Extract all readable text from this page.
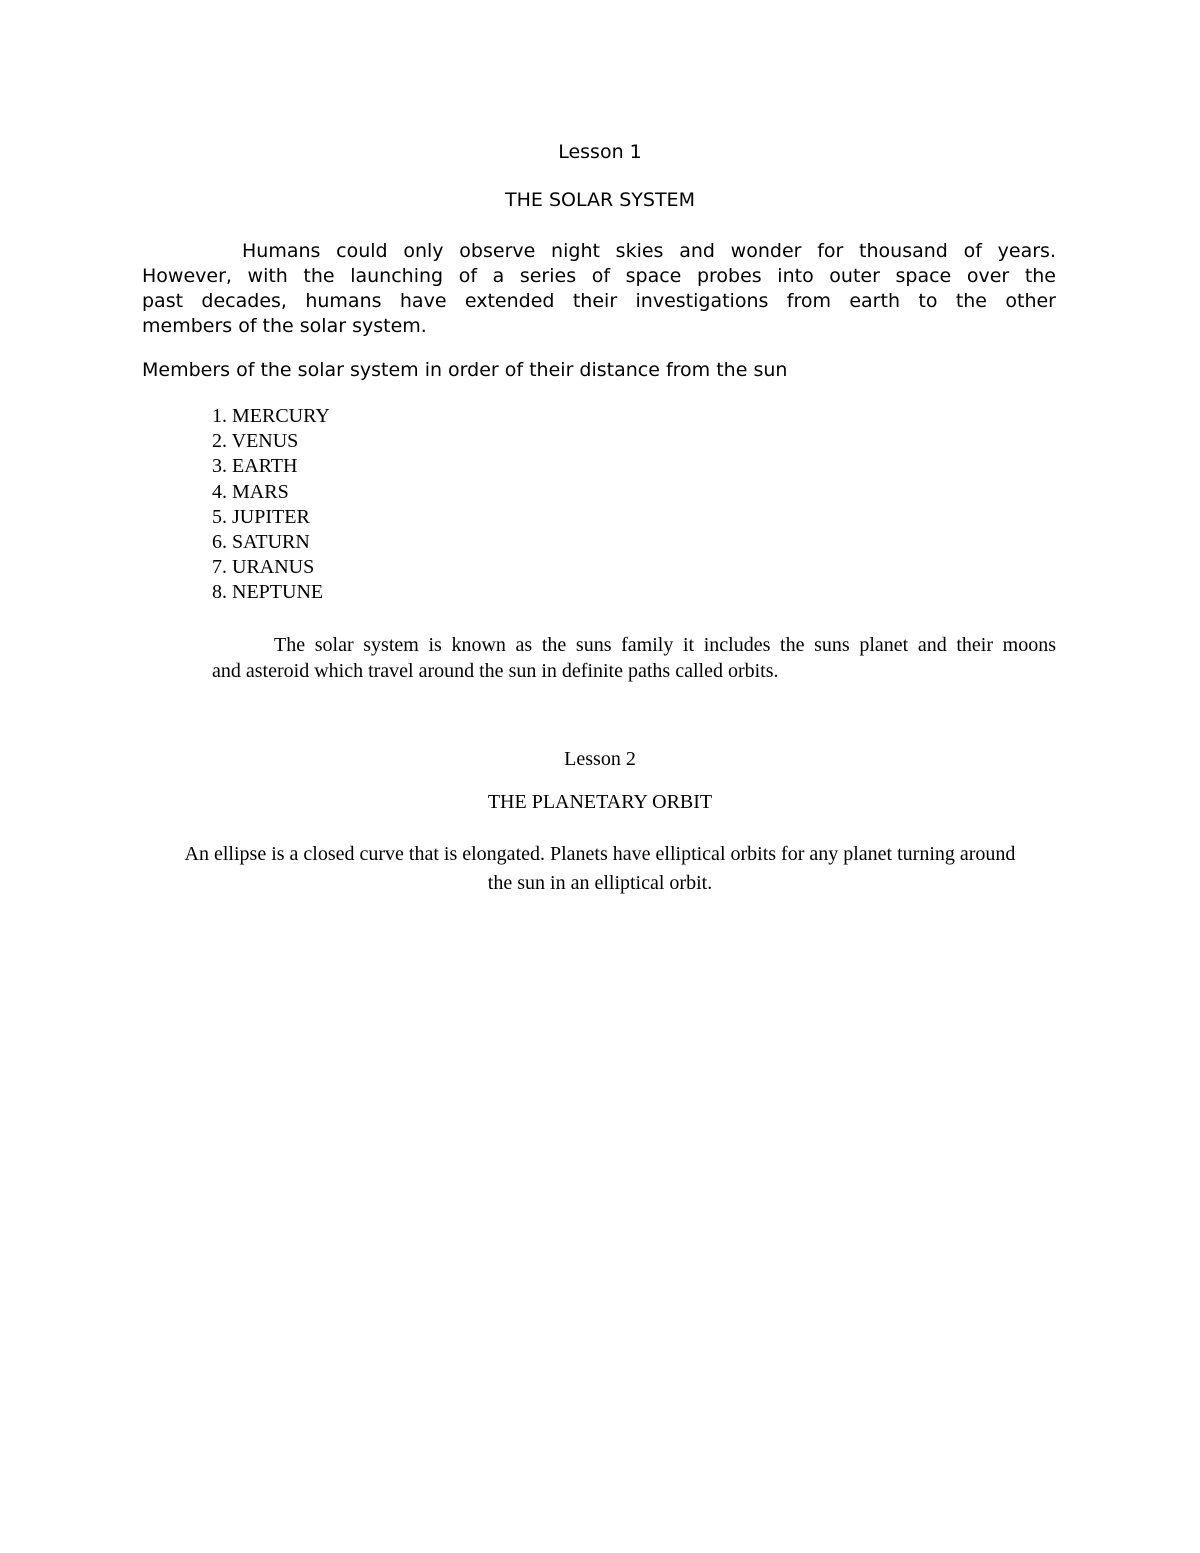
Lesson 1

THE SOLAR SYSTEM

Humans could only observe night skies and wonder for thousand of years.
However, with the launching of a series of space probes into outer space over the
past decades, humans have extended their investigations from earth to the other
members of the solar system.

Members of the solar system in order of their distance from the sun

1. MERCURY
2. VENUS
3. EARTH
4. MARS
5. JUPITER
6. SATURN
7. URANUS
8. NEPTUNE

The solar system is known as the suns family it includes the suns planet and their moons
and asteroid which travel around the sun in definite paths called orbits.

Lesson 2

THE PLANETARY ORBIT

An ellipse is a closed curve that is elongated. Planets have elliptical orbits for any planet turning around
the sun in an elliptical orbit.
